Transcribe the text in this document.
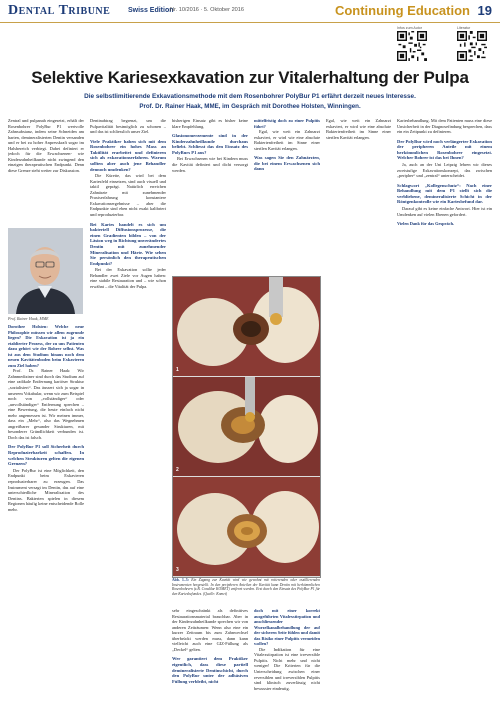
Dental Tribune	Swiss Edition
Nr. 10/2016 · 5. Oktober 2016	Continuing Education 19
Infos zum Autor	Literatur
Selektive Kariesexkavation zur Vitalerhaltung der Pulpa
Die selbstlimitierende Exkavationsmethode mit dem Rosenbohrer PolyBur P1 erfährt derzeit neues Interesse.
Prof. Dr. Rainer Haak, MME, im Gespräch mit Dorothee Holsten, Winningen.

Zentral und pulpanah eingesetzt, erhält der Rosenbohrer PolyBur P1 wertvolle Zahnsubstanz, indem seine Schneiden am harten, demineralisierten Dentin versanden und er bei zu hoher Anpresskraft sogar im Halsbereich verbiegt. Dabei definiert er jedoch für die Erwachsenen- wie Kinderzahnheilkunde nicht zwingend den einzigen therapeutischen Endpunkt. Denn diese Grenze steht weiter zur Diskussion.

Prof. Rainer Haak, MME

Dorothee Holsten: Welche neue Philosophie müssen wir allem zugrunde liegen? Die Exkavation ist ja ein etablierter Prozess, der zu uns Patienten dazu gehört wie der Bohrer selbst. Was ist aus dem Studium hinaus noch dem neuen Kavitätenboden beim Exkavieren zum Ziel haben?

Prof. Dr. Rainer Haak: Wir Zahnmediziner sind durch das Studium auf eine radikale Entfernung kariöser Struktur „sozialisiert“. Das äussert sich ja sogar in unserem Vokabular, wenn wir zum Beispiel noch von „vollständiger“ oder „unvollständiger“ Entfernung sprechen – eine Bewertung, die heute einfach nicht mehr angemessen ist. Wir meinen immer, dass ein „Mehr“, also das Wegnehmen angreifbarer gesunder Strukturen, mit besonderer Gründlichkeit verbunden ist. Doch das ist falsch.

Der PolyBur P1 soll Sicherheit durch Reproduzierbarkeit schaffen. In welchen Strukturen gelten die eigenen Grenzen?

Der PolyBur ist eine Möglichkeit, den Endpunkt beim Exkavieren reproduzierbarer zu erzeugen. Das Instrument versagt im Dentin, das auf eine unterschiedliche Mineralisation des Dentins. Bakterien spielen in diesem Regionen häufig keine entscheidende Rolle mehr.

Dentinabtrag begrenzt, um die Pulpavitalität bestmöglich zu schonen – und das ist schliesslich unser Ziel.

Viele Praktiker haben sich mit dem Rosenbohrer ein hohes Mass an Taktilität erarbeitet und definieren sich als exkavationserfahren. Warum sollten aber auch jene Behandler dennoch umdenken?

Die Kürette, das wird bei dem Kariesfeld einsetzen, sind auch visuell und taktil geprägt. Natürlich erreichen Zahnärzte mit zunehmender Praxiserfahrung konstantere Exkavationsergebnisse – aber die Endpunkte sind eben nicht exakt kalibriert und reproduzierbar.

Bei Karies handelt es sich um bakteriell Diffusionsprozesse, die einen Gradienten bilden – von der Läsion weg in Richtung unverändertes Dentin mit zunehmender Mineralisation und Härte. Wie sehen Sie persönlich den therapeutischen Endpunkt?

Bei der Exkavation sollte jeder Behandler zwei Ziele vor Augen haben: eine stabile Restauration und – wie schon erwähnt – die Vitalität der Pulpa.

bisherigen Einsatz gibt es bisher keine klare Empfehlung.

Glasionomerzemente sind in der Kinderzahnheilkunde durchaus beliebt. Schliesst das den Einsatz des PolyBurs P1 aus?

Bei Erwachsenen wie bei Kindern muss die Kavität definiert und dicht versorgt werden.

mittelfristig doch zu einer Pulpitis führt?

Egal, wie weit ein Zahnarzt exkaviert, er wird wie eine absolute Bakterienfreiheit im Sinne einer sterilen Kavität erlangen.

Was sagen Sie den Zahnärzten, die bei einem Erwachsenen sich dann
1
2
3
Abb. 1–3: Ein Zugang zur Kavität wird wie gewohnt mit rotierenden oder oszillierenden Instrumenten hergestellt. In den peripheren Anteilen der Kavität kann Dentin mit herkömmlichen Rosenbohrern (z.B. Condilar KOMET) entfernt werden. Erst durch den Einsatz des PolyBur P1 für den Kariesbefundes. (Quelle: Komet)

sehr eingeschränkt als definitives Restaurationsmaterial brauchbar. Aber in der Kinderzahnheilkunde sprechen wir von anderen Zeiträumen: Wenn also eine ein kurzer Zeitraum bis zum Zahnwechsel überbrückt werden muss, dann kann vielleicht auch eine GIZ-Füllung als „Deckel“ gelten.

Wer garantiert dem Praktiker eigentlich, dass diese partiell demineralisierte Dentinschicht, durch den PolyBur unter der adhäsiven Füllung verbleibt, nicht

doch mit einer korrekt ausgeführten Vitalexstirpation und anschliessender Wurzelkanalbehandlung der auf der sicheren Seite fühlen und damit das Risiko einer Pulpitis vermeiden wollen?

Die Indikation für eine Vitalexstirpation ist eine irreversible Pulpitis. Nicht mehr und nicht weniger! Die Kriterien für die Unterscheidung zwischen einer reversiblen und irreversiblen Pulpitis sind klinisch zuverlässig nicht bewusster eindeutig.

Kariesbehandlung. Mit dem Patienten muss eine diese Unsicherheit in der Diagnosefindung besprechen, dass ein ein Zeitpunkt zu definieren.

Der PolyBur wird noch verlängerter Exkavation der peripheren Anteile mit einem herkömmlichen Rosenbohrer eingesetzt. Welcher Bohrer ist das bei Ihnen?

Ja, auch an der Uni Leipzig lehren wir dieses zweistufige Exkavationskonzept, das zwischen „peripher“ und „zentral“ unterscheidet.

Schlagwort „Kollegenschutz“: Nach einer Behandlung mit dem P1 stellt sich die verbliebene, demineralisierte Schicht in der Röntgenkontrolle wie ein Kariesbefund dar.

Darauf gibt es keine einfache Antwort. Hier ist ein Umdenken auf vielen Ebenen gefordert.

Vielen Dank für das Gespräch.

Egal, wie weit ein Zahnarzt exkaviert, er wird wie eine absolute Bakterienfreiheit im Sinne einer sterilen Kavität erlangen.
